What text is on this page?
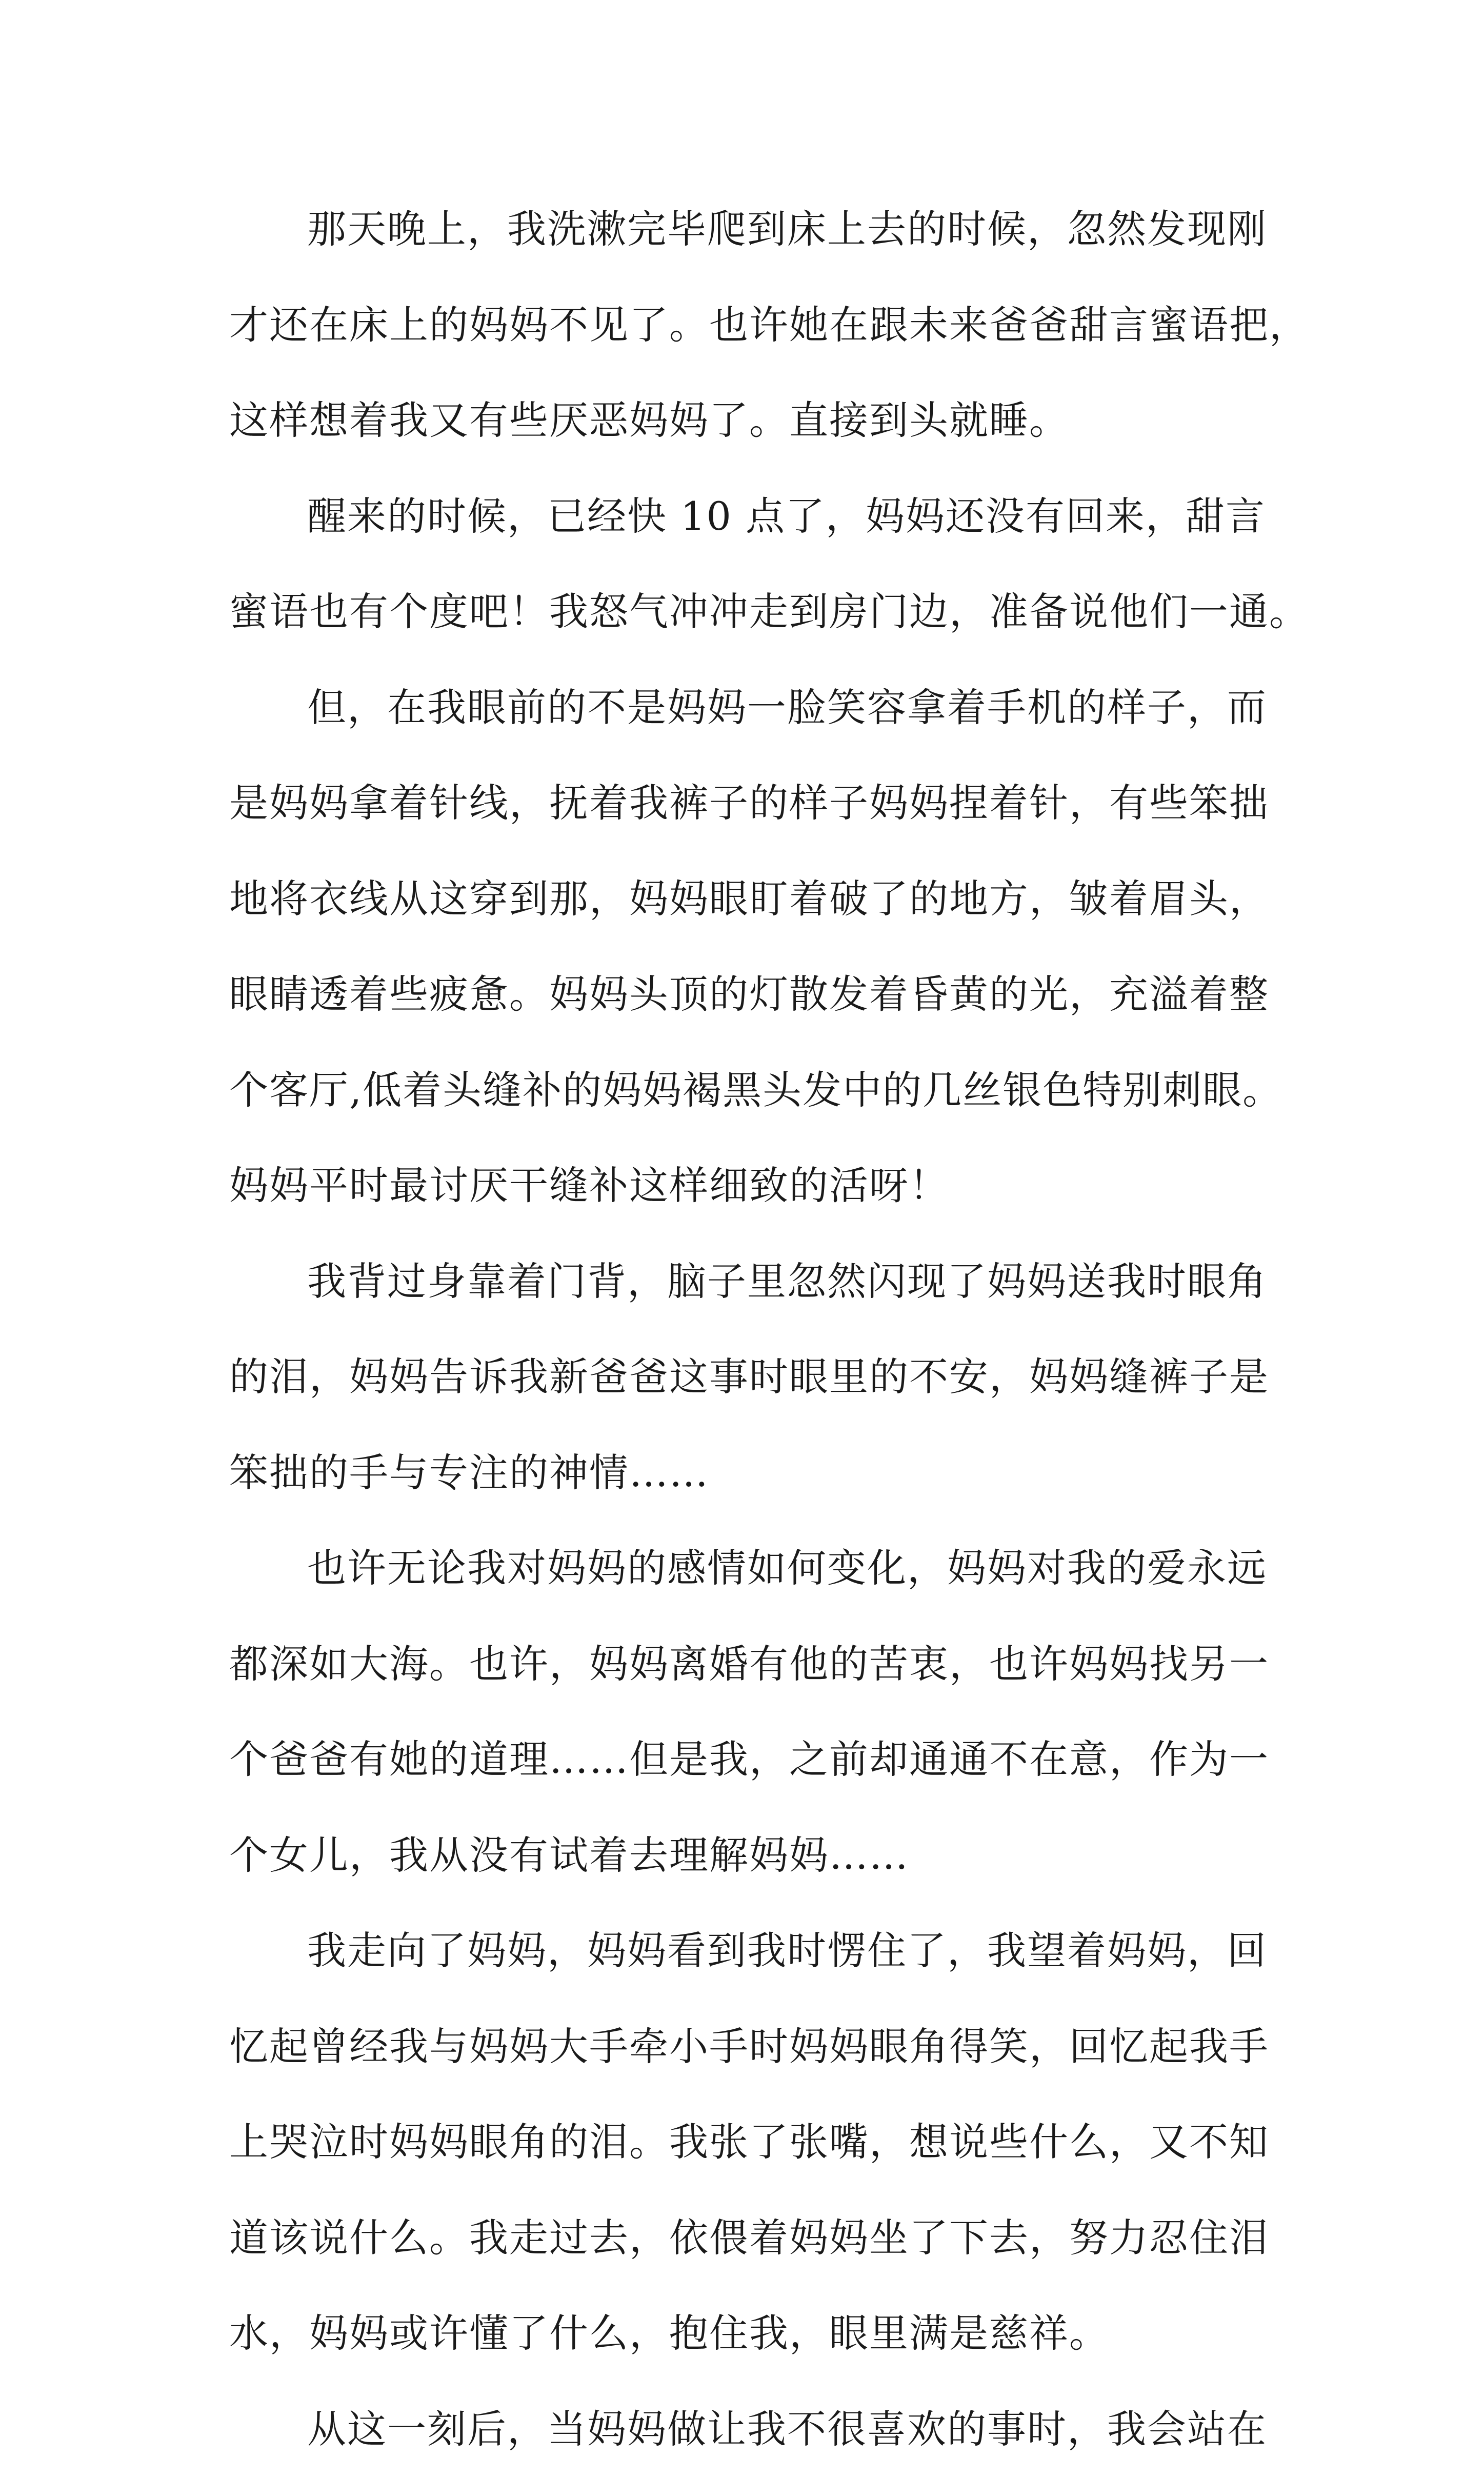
那天晚上，我洗漱完毕爬到床上去的时候，忽然发现刚
才还在床上的妈妈不见了。也许她在跟未来爸爸甜言蜜语把，
这样想着我又有些厌恶妈妈了。直接到头就睡。

醒来的时候，已经快 10 点了，妈妈还没有回来，甜言
蜜语也有个度吧！我怒气冲冲走到房门边，准备说他们一通。

但，在我眼前的不是妈妈一脸笑容拿着手机的样子，而
是妈妈拿着针线，抚着我裤子的样子妈妈捏着针，有些笨拙
地将衣线从这穿到那，妈妈眼盯着破了的地方，皱着眉头，
眼睛透着些疲惫。妈妈头顶的灯散发着昏黄的光，充溢着整
个客厅,低着头缝补的妈妈褐黑头发中的几丝银色特别刺眼。
妈妈平时最讨厌干缝补这样细致的活呀！

我背过身靠着门背，脑子里忽然闪现了妈妈送我时眼角
的泪，妈妈告诉我新爸爸这事时眼里的不安，妈妈缝裤子是
笨拙的手与专注的神情……

也许无论我对妈妈的感情如何变化，妈妈对我的爱永远
都深如大海。也许，妈妈离婚有他的苦衷，也许妈妈找另一
个爸爸有她的道理……但是我，之前却通通不在意，作为一
个女儿，我从没有试着去理解妈妈……

我走向了妈妈，妈妈看到我时愣住了，我望着妈妈，回
忆起曾经我与妈妈大手牵小手时妈妈眼角得笑，回忆起我手
上哭泣时妈妈眼角的泪。我张了张嘴，想说些什么，又不知
道该说什么。我走过去，依偎着妈妈坐了下去，努力忍住泪
水，妈妈或许懂了什么，抱住我，眼里满是慈祥。

从这一刻后，当妈妈做让我不很喜欢的事时，我会站在
